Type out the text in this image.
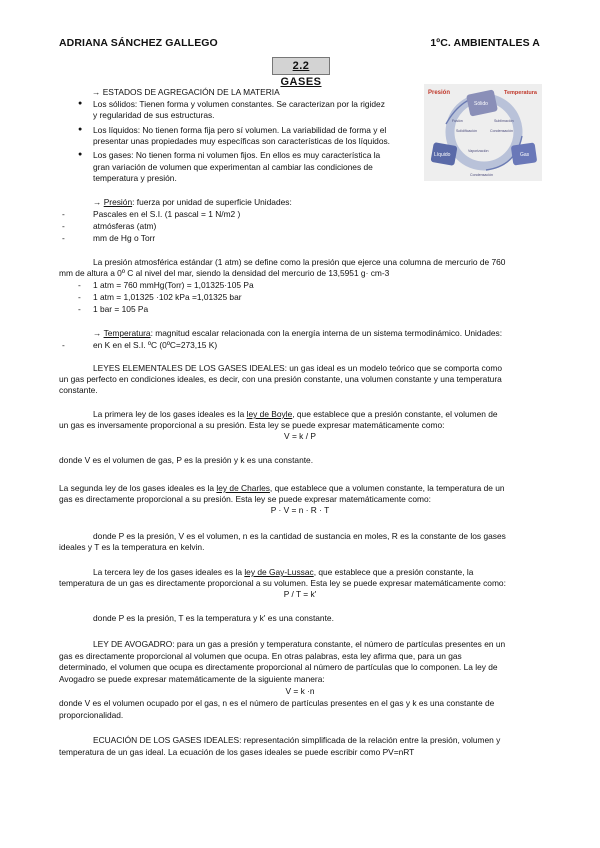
ADRIANA SÁNCHEZ GALLEGO	1ºC. AMBIENTALES A
2.2 GASES
→ ESTADOS DE AGREGACIÓN DE LA MATERIA
● Los sólidos: Tienen forma y volumen constantes. Se caracterizan por la rigidez
y regularidad de sus estructuras.
● Los líquidos: No tienen forma fija pero sí volumen. La variabilidad de forma y el
presentar unas propiedades muy específicas son características de los líquidos.
● Los gases: No tienen forma ni volumen fijos. En ellos es muy característica la
gran variación de volumen que experimentan al cambiar las condiciones de
temperatura y presión.
Presión	Temperatura
Sólido
Líquido	Gas
Fusión
Solidificación
Sublimación
Condensación
Vaporización
Condensación
→ Presión: fuerza por unidad de superficie Unidades:
-	Pascales en el S.I. (1 pascal = 1 N/m2 )
-	atmósferas (atm)
-	mm de Hg o Torr
La presión atmosférica estándar (1 atm) se define como la presión que ejerce una columna de mercurio de 760
mm de altura a 0º C al nivel del mar, siendo la densidad del mercurio de 13,5951 g· cm-3
- 1 atm = 760 mmHg(Torr) = 1,01325·105 Pa
- 1 atm = 1,01325 ·102 kPa =1,01325 bar
- 1 bar = 105 Pa
→ Temperatura: magnitud escalar relacionada con la energía interna de un sistema termodinámico. Unidades:
-	en K en el S.I. ºC (0ºC=273,15 K)
LEYES ELEMENTALES DE LOS GASES IDEALES: un gas ideal es un modelo teórico que se comporta como
un gas perfecto en condiciones ideales, es decir, con una presión constante, una volumen constante y una temperatura
constante.
La primera ley de los gases ideales es la ley de Boyle, que establece que a presión constante, el volumen de
un gas es inversamente proporcional a su presión. Esta ley se puede expresar matemáticamente como:
V = k / P
donde V es el volumen de gas, P es la presión y k es una constante.
La segunda ley de los gases ideales es la ley de Charles, que establece que a volumen constante, la temperatura de un
gas es directamente proporcional a su presión. Esta ley se puede expresar matemáticamente como:
P · V = n · R · T
donde P es la presión, V es el volumen, n es la cantidad de sustancia en moles, R es la constante de los gases
ideales y T es la temperatura en kelvin.
La tercera ley de los gases ideales es la ley de Gay-Lussac, que establece que a presión constante, la
temperatura de un gas es directamente proporcional a su volumen. Esta ley se puede expresar matemáticamente como:
P / T = k'
donde P es la presión, T es la temperatura y k' es una constante.
LEY DE AVOGADRO: para un gas a presión y temperatura constante, el número de partículas presentes en un
gas es directamente proporcional al volumen que ocupa. En otras palabras, esta ley afirma que, para un gas
determinado, el volumen que ocupa es directamente proporcional al número de partículas que lo componen. La ley de
Avogadro se puede expresar matemáticamente de la siguiente manera:
V = k ·n
donde V es el volumen ocupado por el gas, n es el número de partículas presentes en el gas y k es una constante de
proporcionalidad.
ECUACIÓN DE LOS GASES IDEALES: representación simplificada de la relación entre la presión, volumen y
temperatura de un gas ideal. La ecuación de los gases ideales se puede escribir como PV=nRT
